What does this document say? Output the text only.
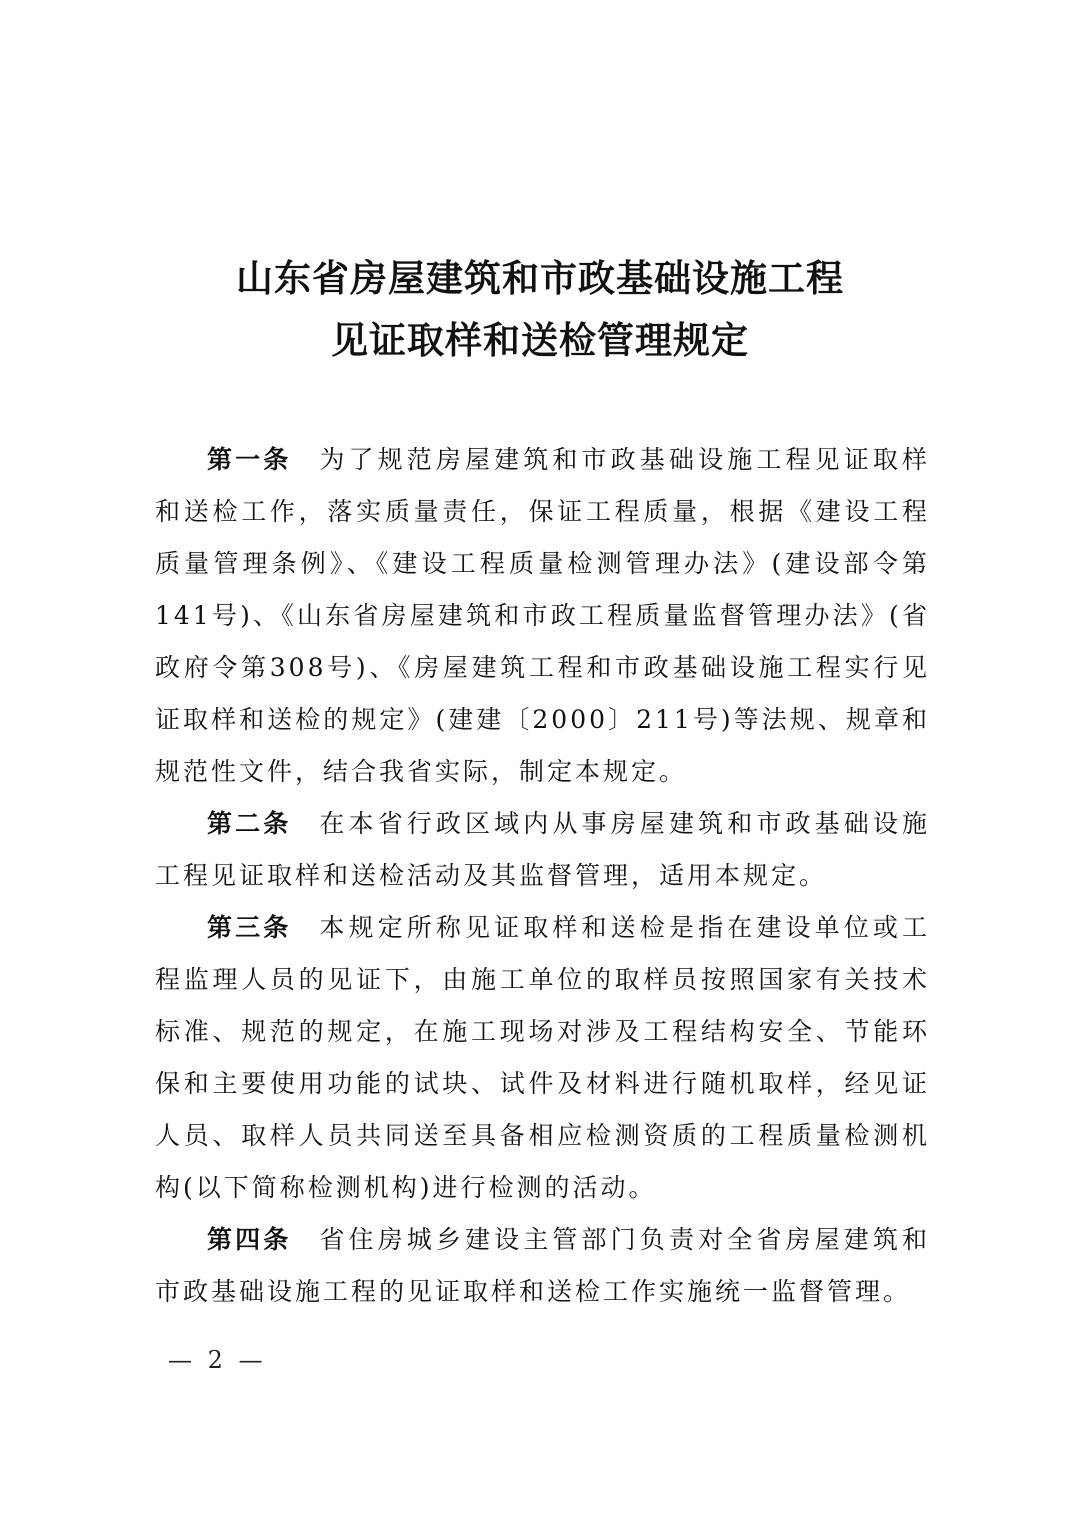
山东省房屋建筑和市政基础设施工程
见证取样和送检管理规定

第一条 为了规范房屋建筑和市政基础设施工程见证取样和送检工作，落实质量责任，保证工程质量，根据《建设工程质量管理条例》、《建设工程质量检测管理办法》(建设部令第141号)、《山东省房屋建筑和市政工程质量监督管理办法》(省政府令第308号)、《房屋建筑工程和市政基础设施工程实行见证取样和送检的规定》(建建〔2000〕211号)等法规、规章和规范性文件，结合我省实际，制定本规定。

第二条 在本省行政区域内从事房屋建筑和市政基础设施工程见证取样和送检活动及其监督管理，适用本规定。

第三条 本规定所称见证取样和送检是指在建设单位或工程监理人员的见证下，由施工单位的取样员按照国家有关技术标准、规范的规定，在施工现场对涉及工程结构安全、节能环保和主要使用功能的试块、试件及材料进行随机取样，经见证人员、取样人员共同送至具备相应检测资质的工程质量检测机构(以下简称检测机构)进行检测的活动。

第四条 省住房城乡建设主管部门负责对全省房屋建筑和市政基础设施工程的见证取样和送检工作实施统一监督管理。

— 2 —
